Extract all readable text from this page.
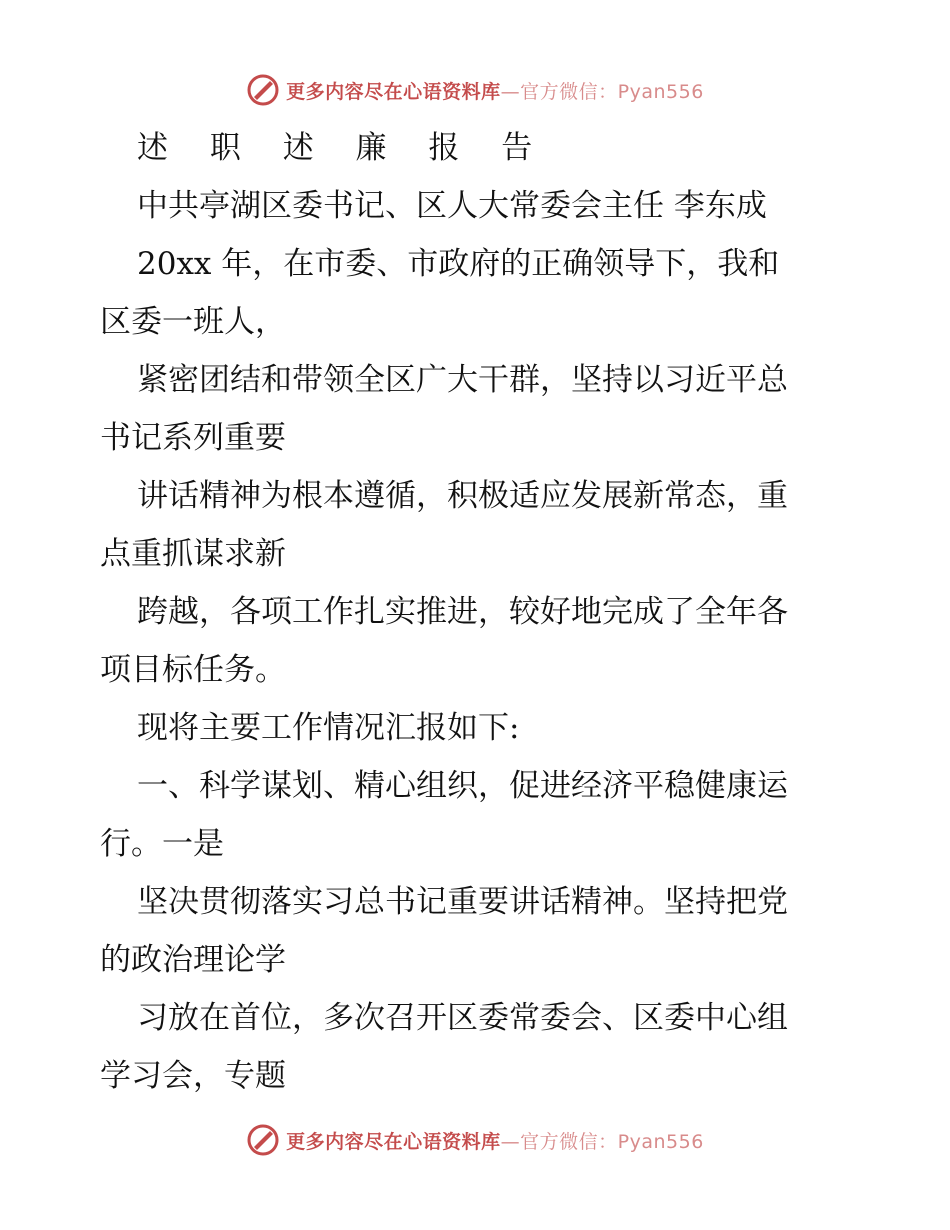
更多内容尽在心语资料库—官方微信：Pyan556
述 职 述 廉 报 告
中共亭湖区委书记、区人大常委会主任 李东成
20xx 年，在市委、市政府的正确领导下，我和
区委一班人，
紧密团结和带领全区广大干群，坚持以习近平总
书记系列重要
讲话精神为根本遵循，积极适应发展新常态，重
点重抓谋求新
跨越，各项工作扎实推进，较好地完成了全年各
项目标任务。
现将主要工作情况汇报如下:
一、科学谋划、精心组织，促进经济平稳健康运
行。一是
坚决贯彻落实习总书记重要讲话精神。坚持把党
的政治理论学
习放在首位，多次召开区委常委会、区委中心组
学习会，专题
更多内容尽在心语资料库—官方微信：Pyan556
